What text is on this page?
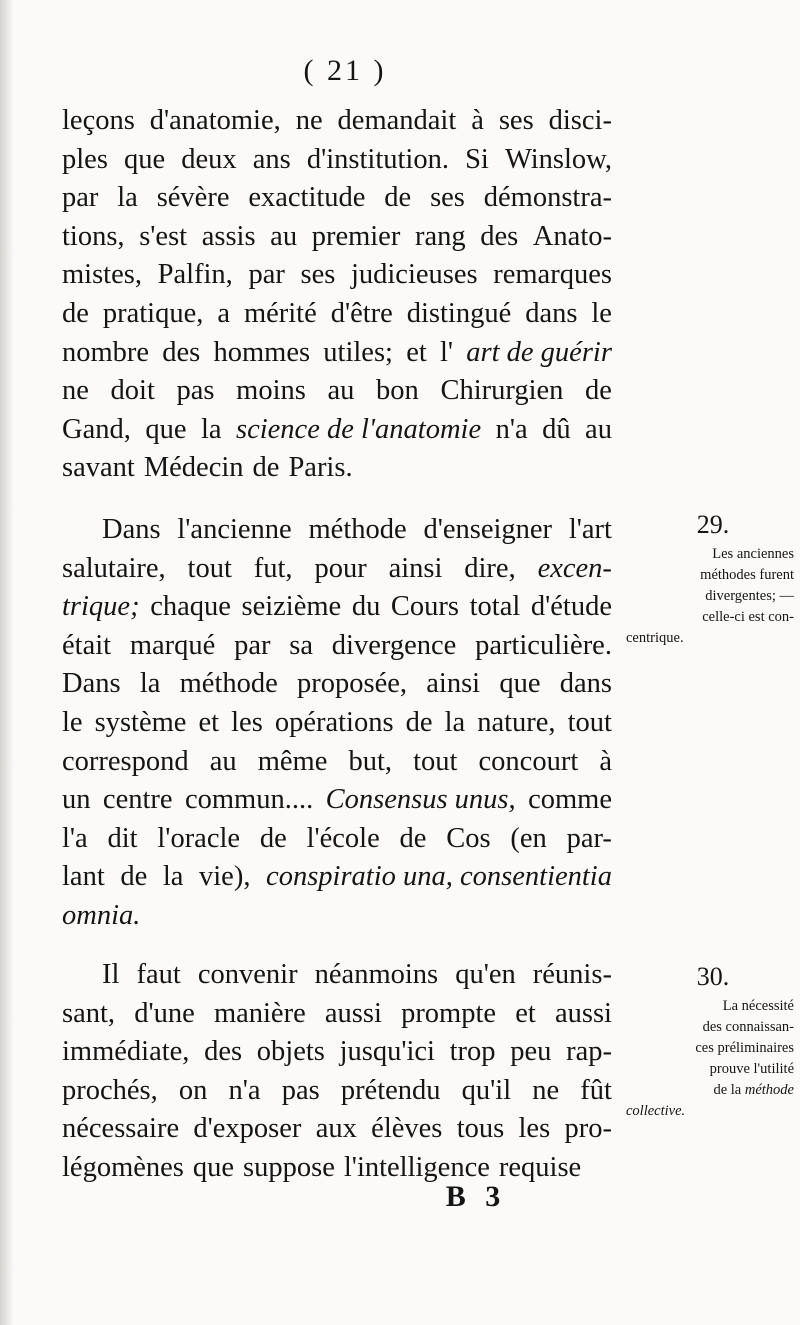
( 21 )
leçons d'anatomie, ne demandait à ses disci-
ples que deux ans d'institution. Si Winslow,
par la sévère exactitude de ses démonstra-
tions, s'est assis au premier rang des Anato-
mistes, Palfin, par ses judicieuses remarques
de pratique, a mérité d'être distingué dans le
nombre des hommes utiles; et l' art de guérir
ne doit pas moins au bon Chirurgien de
Gand, que la science de l'anatomie n'a dû au
savant Médecin de Paris.
Dans l'ancienne méthode d'enseigner l'art
salutaire, tout fut, pour ainsi dire, excen-
trique; chaque seizième du Cours total d'étude
était marqué par sa divergence particulière.
Dans la méthode proposée, ainsi que dans
le système et les opérations de la nature, tout
correspond au même but, tout concourt à
un centre commun.... Consensus unus, comme
l'a dit l'oracle de l'école de Cos (en par-
lant de la vie), conspiratio una, consentientia
omnia.
Il faut convenir néanmoins qu'en réunis-
sant, d'une manière aussi prompte et aussi
immédiate, des objets jusqu'ici trop peu rap-
prochés, on n'a pas prétendu qu'il ne fût
nécessaire d'exposer aux élèves tous les pro-
légomènes que suppose l'intelligence requise
29.
Les anciennes
méthodes furent
divergentes; —
celle-ci est con-
centrique.
30.
La nécessité
des connaissan-
ces préliminaires
prouve l'utilité
de la méthode
collective.
B 3
